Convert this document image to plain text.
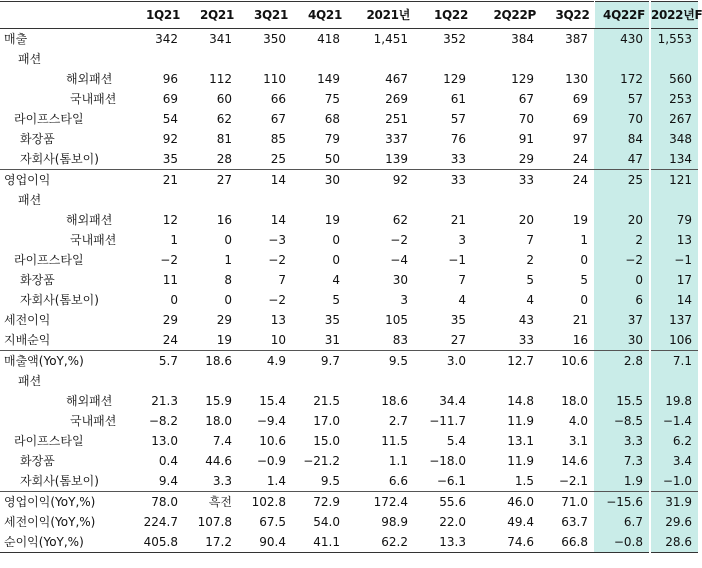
	1Q21	2Q21	3Q21	4Q21	2021년	1Q22	2Q22P	3Q22	4Q22F	2022년F
매출	342	341	350	418	1,451	352	384	387	430	1,553
패션										
해외패션	96	112	110	149	467	129	129	130	172	560
국내패션	69	60	66	75	269	61	67	69	57	253
라이프스타일	54	62	67	68	251	57	70	69	70	267
화장품	92	81	85	79	337	76	91	97	84	348
자회사(톰보이)	35	28	25	50	139	33	29	24	47	134
영업이익	21	27	14	30	92	33	33	24	25	121
패션										
해외패션	12	16	14	19	62	21	20	19	20	79
국내패션	1	0	−3	0	−2	3	7	1	2	13
라이프스타일	−2	1	−2	0	−4	−1	2	0	−2	−1
화장품	11	8	7	4	30	7	5	5	0	17
자회사(톰보이)	0	0	−2	5	3	4	4	0	6	14
세전이익	29	29	13	35	105	35	43	21	37	137
지배순익	24	19	10	31	83	27	33	16	30	106
매출액(YoY,%)	5.7	18.6	4.9	9.7	9.5	3.0	12.7	10.6	2.8	7.1
패션										
해외패션	21.3	15.9	15.4	21.5	18.6	34.4	14.8	18.0	15.5	19.8
국내패션	−8.2	18.0	−9.4	17.0	2.7	−11.7	11.9	4.0	−8.5	−1.4
라이프스타일	13.0	7.4	10.6	15.0	11.5	5.4	13.1	3.1	3.3	6.2
화장품	0.4	44.6	−0.9	−21.2	1.1	−18.0	11.9	14.6	7.3	3.4
자회사(톰보이)	9.4	3.3	1.4	9.5	6.6	−6.1	1.5	−2.1	1.9	−1.0
영업이익(YoY,%)	78.0	흑전	102.8	72.9	172.4	55.6	46.0	71.0	−15.6	31.9
세전이익(YoY,%)	224.7	107.8	67.5	54.0	98.9	22.0	49.4	63.7	6.7	29.6
순이익(YoY,%)	405.8	17.2	90.4	41.1	62.2	13.3	74.6	66.8	−0.8	28.6
